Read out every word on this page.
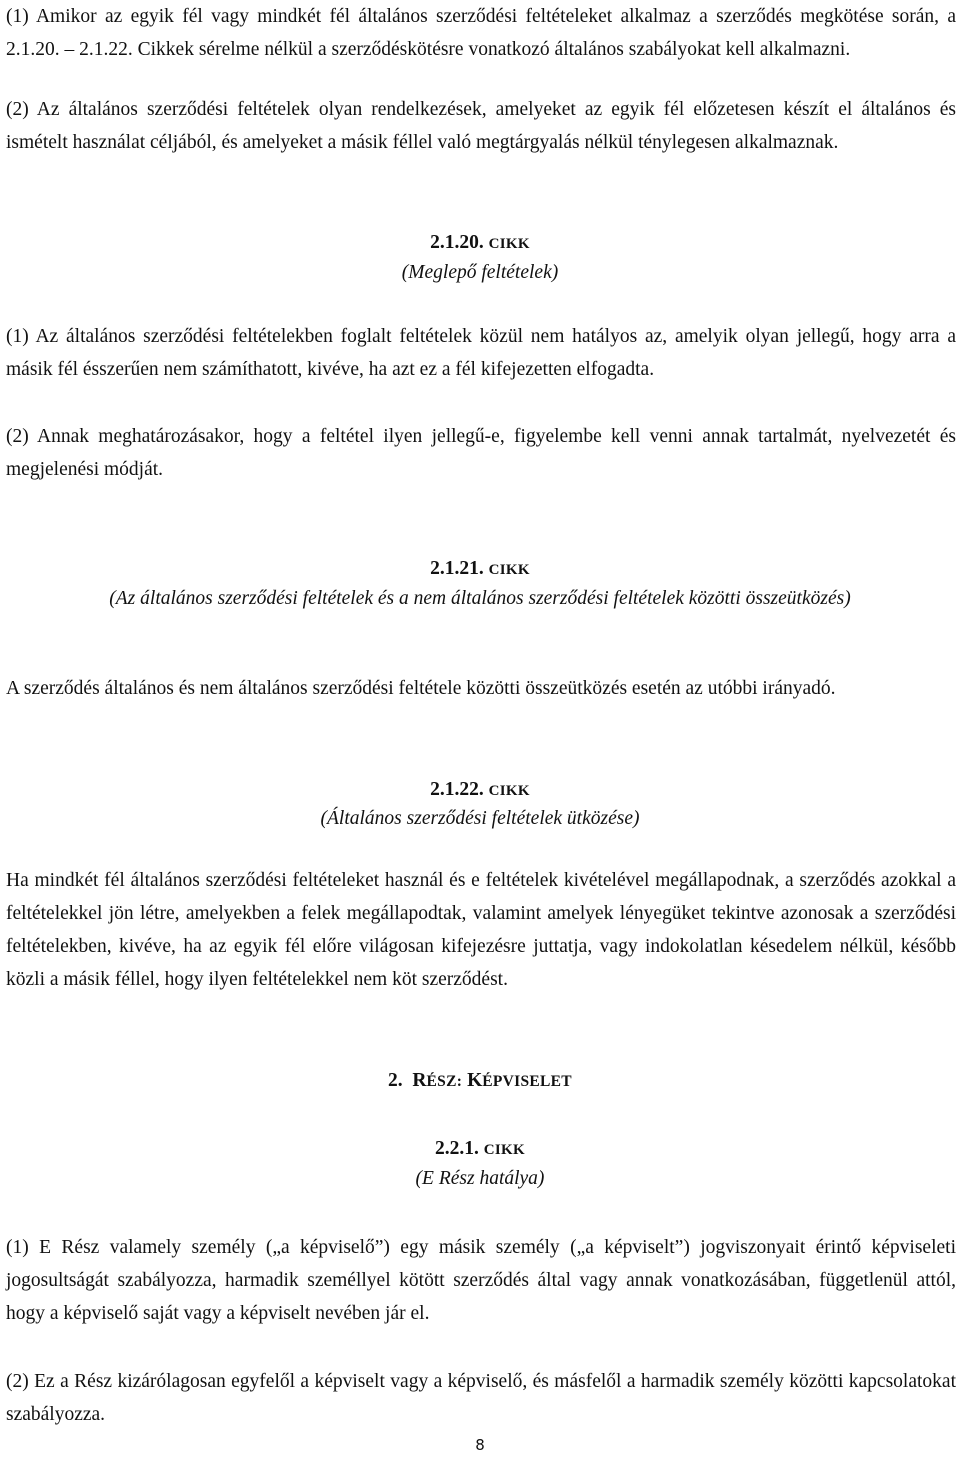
(1) Amikor az egyik fél vagy mindkét fél általános szerződési feltételeket alkalmaz a szerződés megkötése során, a 2.1.20. – 2.1.22. Cikkek sérelme nélkül a szerződéskötésre vonatkozó általános szabályokat kell alkalmazni.

(2) Az általános szerződési feltételek olyan rendelkezések, amelyeket az egyik fél előzetesen készít el általános és ismételt használat céljából, és amelyeket a másik féllel való megtárgyalás nélkül ténylegesen alkalmaznak.

2.1.20. CIKK

(Meglepő feltételek)

(1) Az általános szerződési feltételekben foglalt feltételek közül nem hatályos az, amelyik olyan jellegű, hogy arra a másik fél ésszerűen nem számíthatott, kivéve, ha azt ez a fél kifejezetten elfogadta.

(2) Annak meghatározásakor, hogy a feltétel ilyen jellegű-e, figyelembe kell venni annak tartalmát, nyelvezetét és megjelenési módját.

2.1.21. CIKK

(Az általános szerződési feltételek és a nem általános szerződési feltételek közötti összeütközés)

A szerződés általános és nem általános szerződési feltétele közötti összeütközés esetén az utóbbi irányadó.

2.1.22. CIKK

(Általános szerződési feltételek ütközése)

Ha mindkét fél általános szerződési feltételeket használ és e feltételek kivételével megállapodnak, a szerződés azokkal a feltételekkel jön létre, amelyekben a felek megállapodtak, valamint amelyek lényegüket tekintve azonosak a szerződési feltételekben, kivéve, ha az egyik fél előre világosan kifejezésre juttatja, vagy indokolatlan késedelem nélkül, később közli a másik féllel, hogy ilyen feltételekkel nem köt szerződést.

2. RÉSZ: KÉPVISELET

2.2.1. CIKK

(E Rész hatálya)

(1) E Rész valamely személy („a képviselő”) egy másik személy („a képviselt”) jogviszonyait érintő képviseleti jogosultságát szabályozza, harmadik személlyel kötött szerződés által vagy annak vonatkozásában, függetlenül attól, hogy a képviselő saját vagy a képviselt nevében jár el.

(2) Ez a Rész kizárólagosan egyfelől a képviselt vagy a képviselő, és másfelől a harmadik személy közötti kapcsolatokat szabályozza.

8
